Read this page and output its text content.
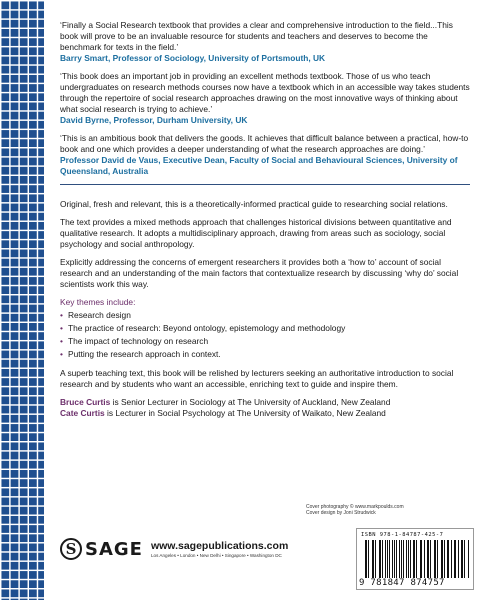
‘Finally a Social Research textbook that provides a clear and comprehensive introduction to the field...This book will prove to be an invaluable resource for students and teachers and deserves to become the benchmark for texts in the field.’

Barry Smart, Professor of Sociology, University of Portsmouth, UK

‘This book does an important job in providing an excellent methods textbook. Those of us who teach undergraduates on research methods courses now have a textbook which in an accessible way takes students through the repertoire of social research approaches drawing on the most innovative ways of thinking about what social research is trying to achieve.’

David Byrne, Professor, Durham University, UK

‘This is an ambitious book that delivers the goods. It achieves that difficult balance between a practical, how-to book and one which provides a deeper understanding of what the research approaches are doing.’

Professor David de Vaus, Executive Dean, Faculty of Social and Behavioural Sciences, University of Queensland, Australia

Original, fresh and relevant, this is a theoretically-informed practical guide to researching social relations.

The text provides a mixed methods approach that challenges historical divisions between quantitative and qualitative research. It adopts a multidisciplinary approach, drawing from areas such as sociology, social psychology and social anthropology.

Explicitly addressing the concerns of emergent researchers it provides both a ‘how to’ account of social research and an understanding of the main factors that contextualize research by discussing ‘why do’ social scientists work this way.

Key themes include:

• Research design
• The practice of research: Beyond ontology, epistemology and methodology
• The impact of technology on research
• Putting the research approach in context.

A superb teaching text, this book will be relished by lecturers seeking an authoritative introduction to social research and by students who want an accessible, enriching text to guide and inspire them.

Bruce Curtis is Senior Lecturer in Sociology at The University of Auckland, New Zealand

Cate Curtis is Lecturer in Social Psychology at The University of Waikato, New Zealand

Cover photography © www.markpoulds.com
Cover design by Joni Strudwick
S SAGE www.sagepublications.com
Los Angeles • London • New Delhi • Singapore • Washington DC
ISBN 978-1-84787-425-7
9 781847 874757
